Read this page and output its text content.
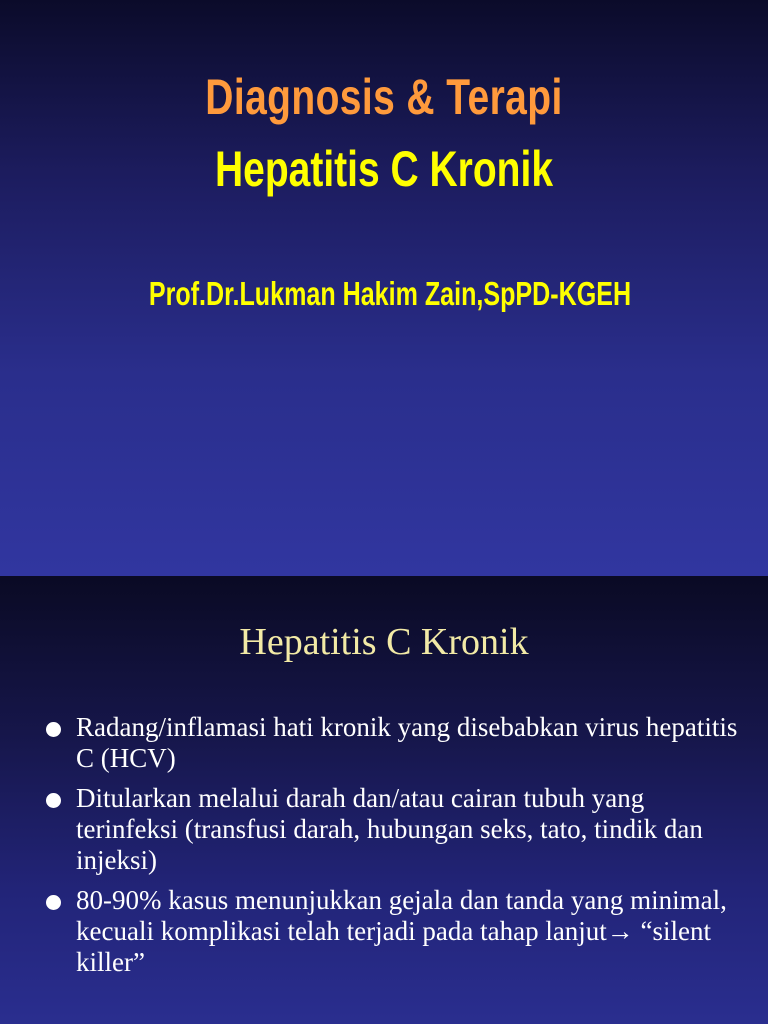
Diagnosis & Terapi
Hepatitis C Kronik
Prof.Dr.Lukman Hakim Zain,SpPD-KGEH
Hepatitis C Kronik
Radang/inflamasi hati kronik yang disebabkan virus hepatitis C (HCV)
Ditularkan melalui darah dan/atau cairan tubuh yang terinfeksi (transfusi darah, hubungan seks, tato, tindik dan injeksi)
80-90% kasus menunjukkan gejala dan tanda yang minimal, kecuali komplikasi telah terjadi pada tahap lanjut→ “silent killer”
